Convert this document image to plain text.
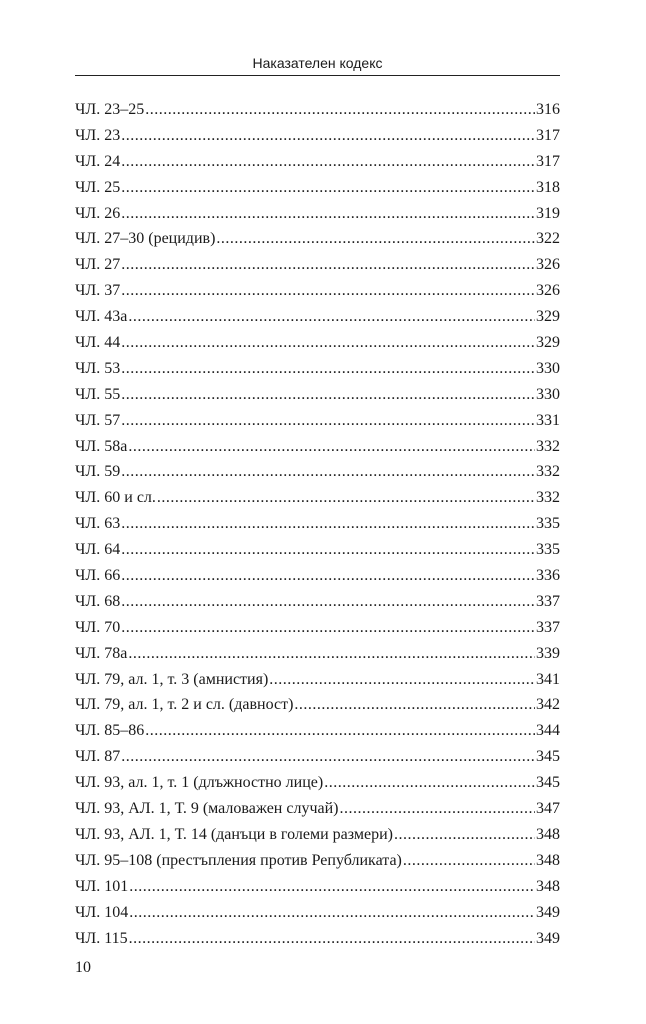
Наказателен кодекс
ЧЛ. 23–25 .....	316
ЧЛ. 23 .....	317
ЧЛ. 24 .....	317
ЧЛ. 25 .....	318
ЧЛ. 26 .....	319
ЧЛ. 27–30 (рецидив) .....	322
ЧЛ. 27 .....	326
ЧЛ. 37 .....	326
ЧЛ. 43а .....	329
ЧЛ. 44 .....	329
ЧЛ. 53 .....	330
ЧЛ. 55 .....	330
ЧЛ. 57 .....	331
ЧЛ. 58а .....	332
ЧЛ. 59 .....	332
ЧЛ. 60 и сл. .....	332
ЧЛ. 63 .....	335
ЧЛ. 64 .....	335
ЧЛ. 66 .....	336
ЧЛ. 68 .....	337
ЧЛ. 70 .....	337
ЧЛ. 78а .....	339
ЧЛ. 79, ал. 1, т. 3 (амнистия) .....	341
ЧЛ. 79, ал. 1, т. 2 и сл. (давност) .....	342
ЧЛ. 85–86 .....	344
ЧЛ. 87 .....	345
ЧЛ. 93, ал. 1, т. 1 (длъжностно лице) .....	345
ЧЛ. 93, АЛ. 1, Т. 9 (маловажен случай) .....	347
ЧЛ. 93, АЛ. 1, Т. 14 (данъци в големи размери) .....	348
ЧЛ. 95–108 (престъпления против Републиката) .....	348
ЧЛ. 101 .....	348
ЧЛ. 104 .....	349
ЧЛ. 115 .....	349
10
